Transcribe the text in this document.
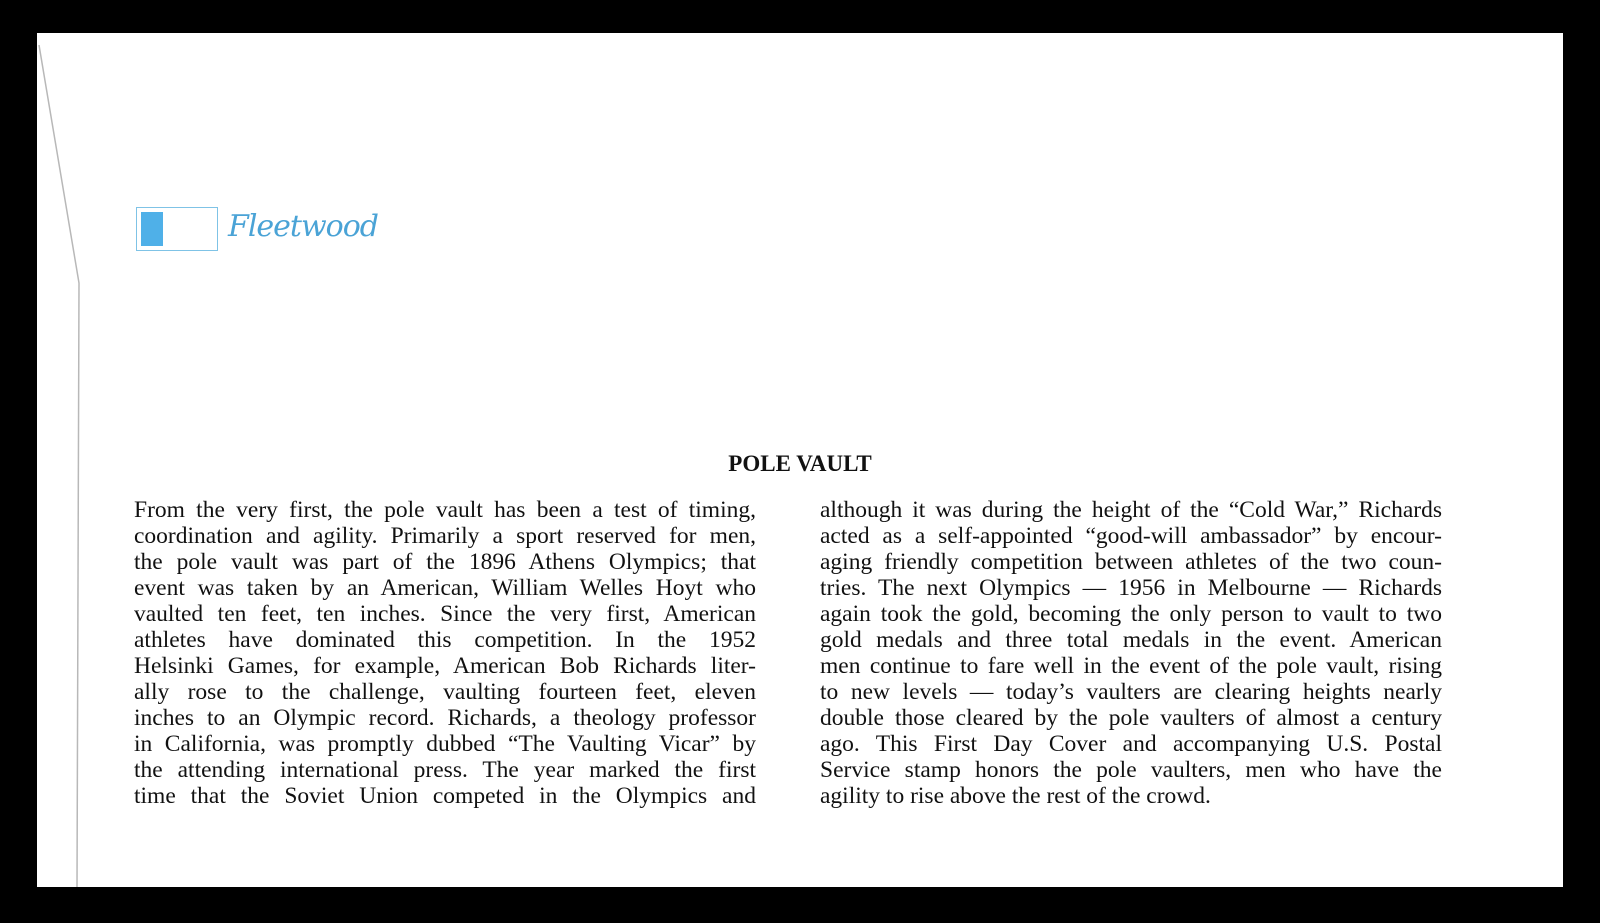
Fleetwood
POLE VAULT
From the very first, the pole vault has been a test of timing,
coordination and agility. Primarily a sport reserved for men,
the pole vault was part of the 1896 Athens Olympics; that
event was taken by an American, William Welles Hoyt who
vaulted ten feet, ten inches. Since the very first, American
athletes have dominated this competition. In the 1952
Helsinki Games, for example, American Bob Richards liter-
ally rose to the challenge, vaulting fourteen feet, eleven
inches to an Olympic record. Richards, a theology professor
in California, was promptly dubbed “The Vaulting Vicar” by
the attending international press. The year marked the first
time that the Soviet Union competed in the Olympics and
although it was during the height of the “Cold War,” Richards
acted as a self-appointed “good-will ambassador” by encour-
aging friendly competition between athletes of the two coun-
tries. The next Olympics — 1956 in Melbourne — Richards
again took the gold, becoming the only person to vault to two
gold medals and three total medals in the event. American
men continue to fare well in the event of the pole vault, rising
to new levels — today’s vaulters are clearing heights nearly
double those cleared by the pole vaulters of almost a century
ago. This First Day Cover and accompanying U.S. Postal
Service stamp honors the pole vaulters, men who have the
agility to rise above the rest of the crowd.
